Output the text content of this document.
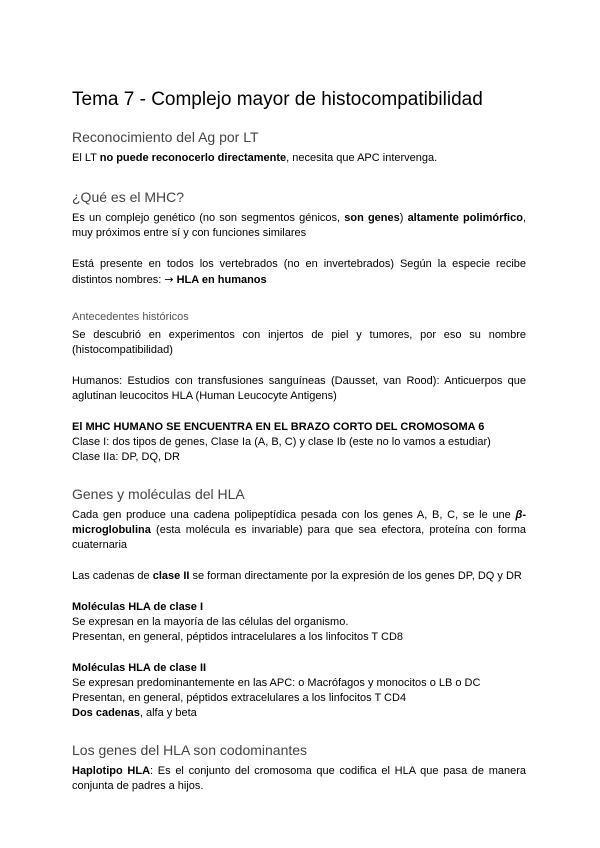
Tema 7 - Complejo mayor de histocompatibilidad
Reconocimiento del Ag por LT

El LT no puede reconocerlo directamente, necesita que APC intervenga.

¿Qué es el MHC?

Es un complejo genético (no son segmentos génicos, son genes) altamente polimórfico, muy próximos entre sí y con funciones similares

Está presente en todos los vertebrados (no en invertebrados) Según la especie recibe distintos nombres: → HLA en humanos

Antecedentes históricos

Se descubrió en experimentos con injertos de piel y tumores, por eso su nombre (histocompatibilidad)

Humanos: Estudios con transfusiones sanguíneas (Dausset, van Rood): Anticuerpos que aglutinan leucocitos HLA (Human Leucocyte Antigens)

El MHC HUMANO SE ENCUENTRA EN EL BRAZO CORTO DEL CROMOSOMA 6
Clase I: dos tipos de genes, Clase Ia (A, B, C) y clase Ib (este no lo vamos a estudiar)
Clase IIa: DP, DQ, DR

Genes y moléculas del HLA

Cada gen produce una cadena polipeptídica pesada con los genes A, B, C, se le une β-microglobulina (esta molécula es invariable) para que sea efectora, proteína con forma cuaternaria

Las cadenas de clase II se forman directamente por la expresión de los genes DP, DQ y DR

Moléculas HLA de clase I
Se expresan en la mayoría de las células del organismo.
Presentan, en general, péptidos intracelulares a los linfocitos T CD8

Moléculas HLA de clase II
Se expresan predominantemente en las APC: o Macrófagos y monocitos o LB o DC
Presentan, en general, péptidos extracelulares a los linfocitos T CD4
Dos cadenas, alfa y beta

Los genes del HLA son codominantes

Haplotipo HLA: Es el conjunto del cromosoma que codifica el HLA que pasa de manera conjunta de padres a hijos.
